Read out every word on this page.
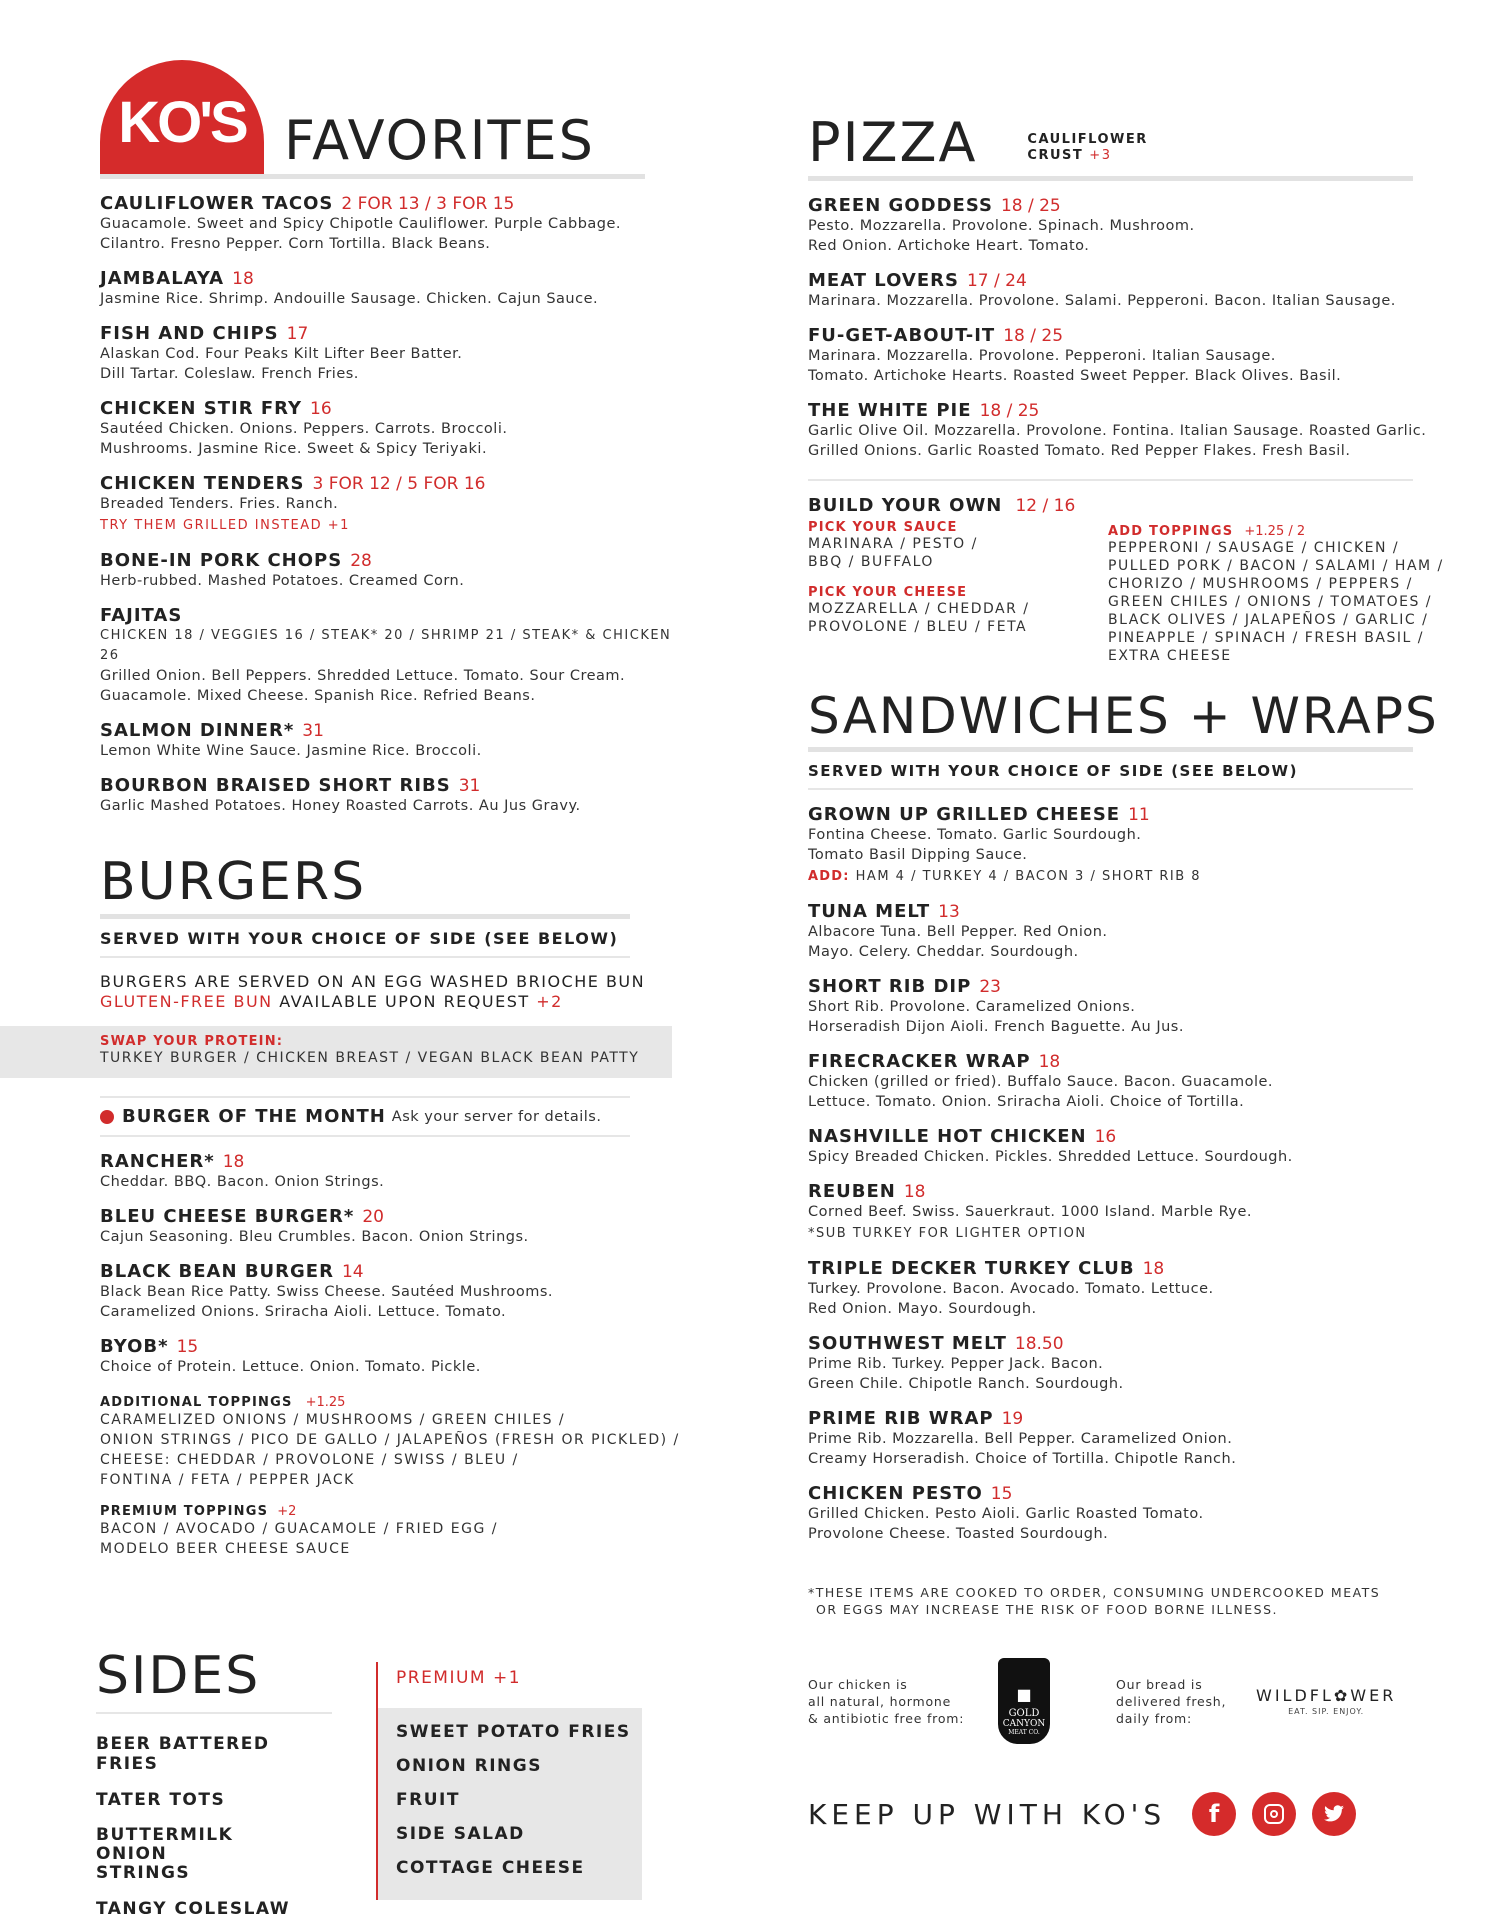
KO'S FAVORITES
CAULIFLOWER TACOS 2 FOR 13 / 3 FOR 15
Guacamole. Sweet and Spicy Chipotle Cauliflower. Purple Cabbage.
Cilantro. Fresno Pepper. Corn Tortilla. Black Beans.
JAMBALAYA 18
Jasmine Rice. Shrimp. Andouille Sausage. Chicken. Cajun Sauce.
FISH AND CHIPS 17
Alaskan Cod. Four Peaks Kilt Lifter Beer Batter.
Dill Tartar. Coleslaw. French Fries.
CHICKEN STIR FRY 16
Sautéed Chicken. Onions. Peppers. Carrots. Broccoli.
Mushrooms. Jasmine Rice. Sweet & Spicy Teriyaki.
CHICKEN TENDERS 3 FOR 12 / 5 FOR 16
Breaded Tenders. Fries. Ranch.
TRY THEM GRILLED INSTEAD +1
BONE-IN PORK CHOPS 28
Herb-rubbed. Mashed Potatoes. Creamed Corn.
FAJITAS
CHICKEN 18 / VEGGIES 16 / STEAK* 20 / SHRIMP 21 / STEAK* & CHICKEN 26
Grilled Onion. Bell Peppers. Shredded Lettuce. Tomato. Sour Cream.
Guacamole. Mixed Cheese. Spanish Rice. Refried Beans.
SALMON DINNER* 31
Lemon White Wine Sauce. Jasmine Rice. Broccoli.
BOURBON BRAISED SHORT RIBS 31
Garlic Mashed Potatoes. Honey Roasted Carrots. Au Jus Gravy.
BURGERS
SERVED WITH YOUR CHOICE OF SIDE (SEE BELOW)
BURGERS ARE SERVED ON AN EGG WASHED BRIOCHE BUN
GLUTEN-FREE BUN AVAILABLE UPON REQUEST +2
SWAP YOUR PROTEIN:
TURKEY BURGER / CHICKEN BREAST / VEGAN BLACK BEAN PATTY
BURGER OF THE MONTH Ask your server for details.
RANCHER* 18
Cheddar. BBQ. Bacon. Onion Strings.
BLEU CHEESE BURGER* 20
Cajun Seasoning. Bleu Crumbles. Bacon. Onion Strings.
BLACK BEAN BURGER 14
Black Bean Rice Patty. Swiss Cheese. Sautéed Mushrooms.
Caramelized Onions. Sriracha Aioli. Lettuce. Tomato.
BYOB* 15
Choice of Protein. Lettuce. Onion. Tomato. Pickle.
ADDITIONAL TOPPINGS +1.25
CARAMELIZED ONIONS / MUSHROOMS / GREEN CHILES /
ONION STRINGS / PICO DE GALLO / JALAPEÑOS (FRESH OR PICKLED) /
CHEESE: CHEDDAR / PROVOLONE / SWISS / BLEU /
FONTINA / FETA / PEPPER JACK
PREMIUM TOPPINGS +2
BACON / AVOCADO / GUACAMOLE / FRIED EGG /
MODELO BEER CHEESE SAUCE
SIDES
BEER BATTERED FRIES
TATER TOTS
BUTTERMILK ONION STRINGS
TANGY COLESLAW
PREMIUM +1
SWEET POTATO FRIES
ONION RINGS
FRUIT
SIDE SALAD
COTTAGE CHEESE
PIZZA	CAULIFLOWER
CRUST +3
GREEN GODDESS 18 / 25
Pesto. Mozzarella. Provolone. Spinach. Mushroom.
Red Onion. Artichoke Heart. Tomato.
MEAT LOVERS 17 / 24
Marinara. Mozzarella. Provolone. Salami. Pepperoni. Bacon. Italian Sausage.
FU-GET-ABOUT-IT 18 / 25
Marinara. Mozzarella. Provolone. Pepperoni. Italian Sausage.
Tomato. Artichoke Hearts. Roasted Sweet Pepper. Black Olives. Basil.
THE WHITE PIE 18 / 25
Garlic Olive Oil. Mozzarella. Provolone. Fontina. Italian Sausage. Roasted Garlic.
Grilled Onions. Garlic Roasted Tomato. Red Pepper Flakes. Fresh Basil.
BUILD YOUR OWN 12 / 16
PICK YOUR SAUCE
MARINARA / PESTO /
BBQ / BUFFALO
PICK YOUR CHEESE
MOZZARELLA / CHEDDAR /
PROVOLONE / BLEU / FETA
ADD TOPPINGS +1.25 / 2
PEPPERONI / SAUSAGE / CHICKEN /
PULLED PORK / BACON / SALAMI / HAM /
CHORIZO / MUSHROOMS / PEPPERS /
GREEN CHILES / ONIONS / TOMATOES /
BLACK OLIVES / JALAPEÑOS / GARLIC /
PINEAPPLE / SPINACH / FRESH BASIL /
EXTRA CHEESE
SANDWICHES + WRAPS
SERVED WITH YOUR CHOICE OF SIDE (SEE BELOW)
GROWN UP GRILLED CHEESE 11
Fontina Cheese. Tomato. Garlic Sourdough.
Tomato Basil Dipping Sauce.
ADD: HAM 4 / TURKEY 4 / BACON 3 / SHORT RIB 8
TUNA MELT 13
Albacore Tuna. Bell Pepper. Red Onion.
Mayo. Celery. Cheddar. Sourdough.
SHORT RIB DIP 23
Short Rib. Provolone. Caramelized Onions.
Horseradish Dijon Aioli. French Baguette. Au Jus.
FIRECRACKER WRAP 18
Chicken (grilled or fried). Buffalo Sauce. Bacon. Guacamole.
Lettuce. Tomato. Onion. Sriracha Aioli. Choice of Tortilla.
NASHVILLE HOT CHICKEN 16
Spicy Breaded Chicken. Pickles. Shredded Lettuce. Sourdough.
REUBEN 18
Corned Beef. Swiss. Sauerkraut. 1000 Island. Marble Rye.
*SUB TURKEY FOR LIGHTER OPTION
TRIPLE DECKER TURKEY CLUB 18
Turkey. Provolone. Bacon. Avocado. Tomato. Lettuce.
Red Onion. Mayo. Sourdough.
SOUTHWEST MELT 18.50
Prime Rib. Turkey. Pepper Jack. Bacon.
Green Chile. Chipotle Ranch. Sourdough.
PRIME RIB WRAP 19
Prime Rib. Mozzarella. Bell Pepper. Caramelized Onion.
Creamy Horseradish. Choice of Tortilla. Chipotle Ranch.
CHICKEN PESTO 15
Grilled Chicken. Pesto Aioli. Garlic Roasted Tomato.
Provolone Cheese. Toasted Sourdough.
*THESE ITEMS ARE COOKED TO ORDER, CONSUMING UNDERCOOKED MEATS
OR EGGS MAY INCREASE THE RISK OF FOOD BORNE ILLNESS.
Our chicken is
all natural, hormone
& antibiotic free from:
■
GOLD
CANYON
MEAT CO.
Our bread is
delivered fresh,
daily from:
WILDFL✿WER
EAT. SIP. ENJOY.
KEEP UP WITH KO'S	f
